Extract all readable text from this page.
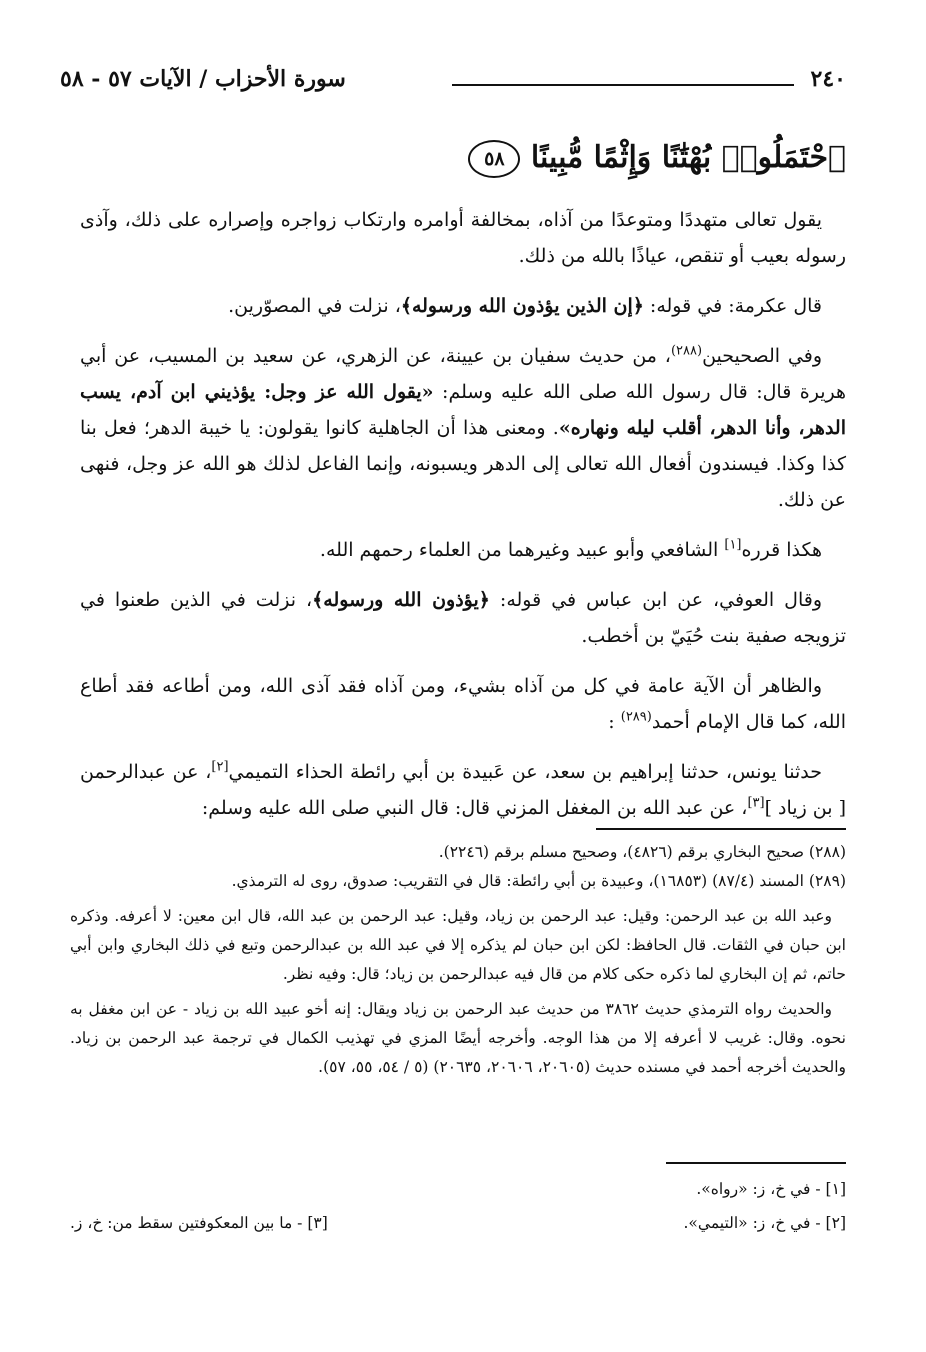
٢٤٠
سورة الأحزاب / الآيات ٥٧ - ٥٨
ٱحْتَمَلُوا۟ بُهْتَٰنًا وَإِثْمًا مُّبِينًا ٥٨

يقول تعالى متهددًا ومتوعدًا من آذاه، بمخالفة أوامره وارتكاب زواجره وإصراره على ذلك، وآذى رسوله بعيب أو تنقص، عياذًا بالله من ذلك.

قال عكرمة: في قوله: ﴿إن الذين يؤذون الله ورسوله﴾، نزلت في المصوّرين.

وفي الصحيحين$^{(٢٨٨)}$، من حديث سفيان بن عيينة، عن الزهري، عن سعيد بن المسيب، عن أبي هريرة قال: قال رسول الله صلى الله عليه وسلم: «يقول الله عز وجل: يؤذيني ابن آدم، يسب الدهر، وأنا الدهر، أقلب ليله ونهاره». ومعنى هذا أن الجاهلية كانوا يقولون: يا خيبة الدهر؛ فعل بنا كذا وكذا. فيسندون أفعال الله تعالى إلى الدهر ويسبونه، وإنما الفاعل لذلك هو الله عز وجل، فنهى عن ذلك.

هكذا قرره[١] الشافعي وأبو عبيد وغيرهما من العلماء رحمهم الله.

وقال العوفي، عن ابن عباس في قوله: ﴿يؤذون الله ورسوله﴾، نزلت في الذين طعنوا في تزويجه صفية بنت حُيَيّ بن أخطب.

والظاهر أن الآية عامة في كل من آذاه بشيء، ومن آذاه فقد آذى الله، ومن أطاعه فقد أطاع الله، كما قال الإمام أحمد$^{(٢٨٩)}$ :

حدثنا يونس، حدثنا إبراهيم بن سعد، عن عَبيدة بن أبي رائطة الحذاء التميمي[٢]، عن عبدالرحمن [ بن زياد ][٣]، عن عبد الله بن المغفل المزني قال: قال النبي صلى الله عليه وسلم:

(٢٨٨) صحيح البخاري برقم (٤٨٢٦)، وصحيح مسلم برقم (٢٢٤٦).

(٢٨٩) المسند (٨٧/٤) (١٦٨٥٣)، وعبيدة بن أبي رائطة: قال في التقريب: صدوق، روى له الترمذي.

وعبد الله بن عبد الرحمن: وقيل: عبد الرحمن بن زياد، وقيل: عبد الرحمن بن عبد الله، قال ابن معين: لا أعرفه. وذكره ابن حبان في الثقات. قال الحافظ: لكن ابن حبان لم يذكره إلا في عبد الله بن عبدالرحمن وتبع في ذلك البخاري وابن أبي حاتم، ثم إن البخاري لما ذكره حكى كلام من قال فيه عبدالرحمن بن زياد؛ قال: وفيه نظر.

والحديث رواه الترمذي حديث ٣٨٦٢ من حديث عبد الرحمن بن زياد ويقال: إنه أخو عبيد الله بن زياد - عن ابن مغفل به نحوه. وقال: غريب لا أعرفه إلا من هذا الوجه. وأخرجه أيضًا المزي في تهذيب الكمال في ترجمة عبد الرحمن بن زياد. والحديث أخرجه أحمد في مسنده حديث (٢٠٦٠٥، ٢٠٦٠٦، ٢٠٦٣٥) (٥ / ٥٤، ٥٥، ٥٧).

[١] - في خ، ز: «رواه».
[٢] - في خ، ز: «التيمي».
[٣] - ما بين المعكوفتين سقط من: خ، ز.
